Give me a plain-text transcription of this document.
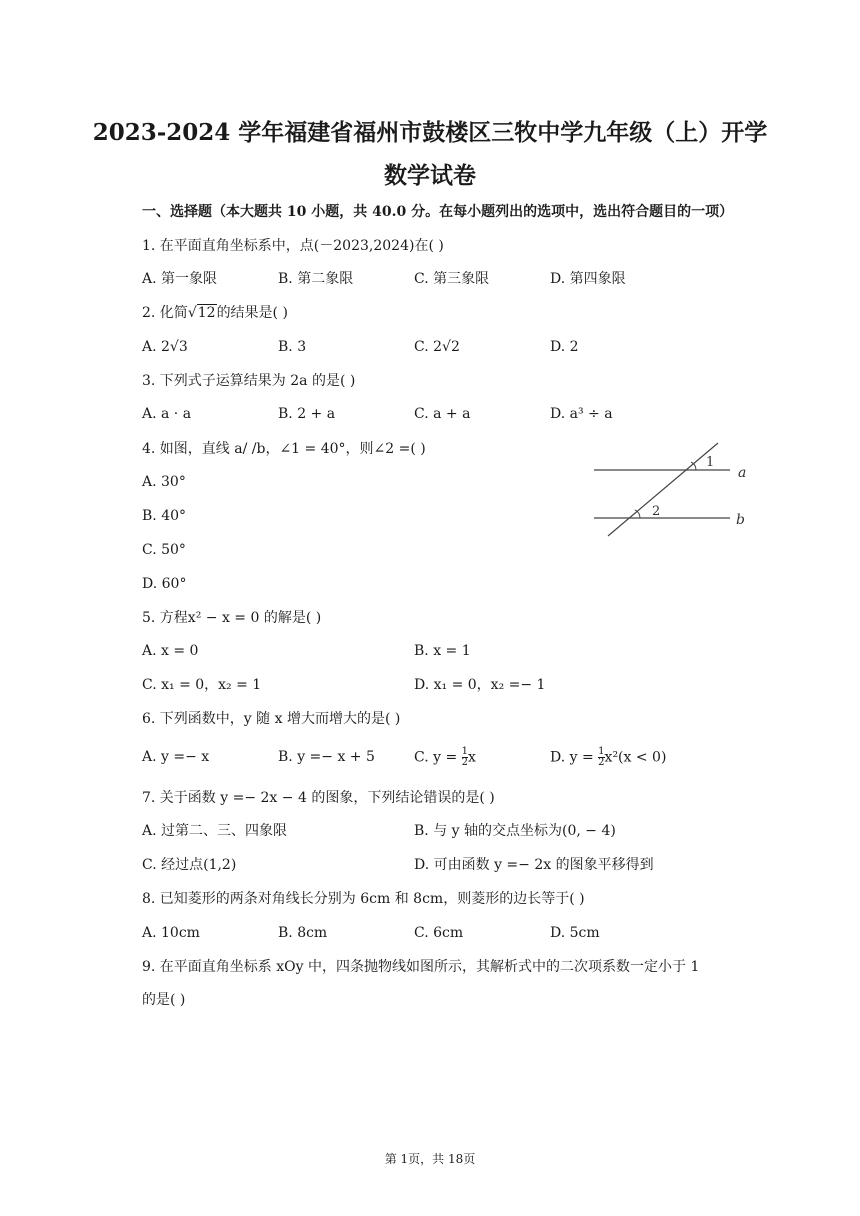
2023-2024 学年福建省福州市鼓楼区三牧中学九年级（上）开学
数学试卷
一、选择题（本大题共 10 小题，共 40.0 分。在每小题列出的选项中，选出符合题目的一项）
1. 在平面直角坐标系中，点(－2023,2024)在( )
A. 第一象限	B. 第二象限	C. 第三象限	D. 第四象限
2. 化简√12的结果是( )
A. 2√3	B. 3	C. 2√2	D. 2
3. 下列式子运算结果为 2a 的是( )
A. a · a	B. 2 + a	C. a + a	D. a³ ÷ a
4. 如图，直线 a/ /b，∠1 = 40°，则∠2 =( )
A. 30°
B. 40°
C. 50°
D. 60°
1
2
a
b
5. 方程x² − x = 0 的解是( )
A. x = 0	B. x = 1
C. x₁ = 0，x₂ = 1	D. x₁ = 0，x₂ =− 1
6. 下列函数中，y 随 x 增大而增大的是( )
A. y =− x	B. y =− x + 5	C. $y = \frac{1}{2}$ x	D. $y = \frac{1}{2} x^2(x < 0)$
7. 关于函数 y =− 2x − 4 的图象，下列结论错误的是( )
A. 过第二、三、四象限	B. 与 y 轴的交点坐标为(0, − 4)
C. 经过点(1,2)	D. 可由函数 y =− 2x 的图象平移得到
8. 已知菱形的两条对角线长分别为 6cm 和 8cm，则菱形的边长等于( )
A. 10cm	B. 8cm	C. 6cm	D. 5cm
9. 在平面直角坐标系 xOy 中，四条抛物线如图所示，其解析式中的二次项系数一定小于 1
的是( )
第 1页，共 18页
